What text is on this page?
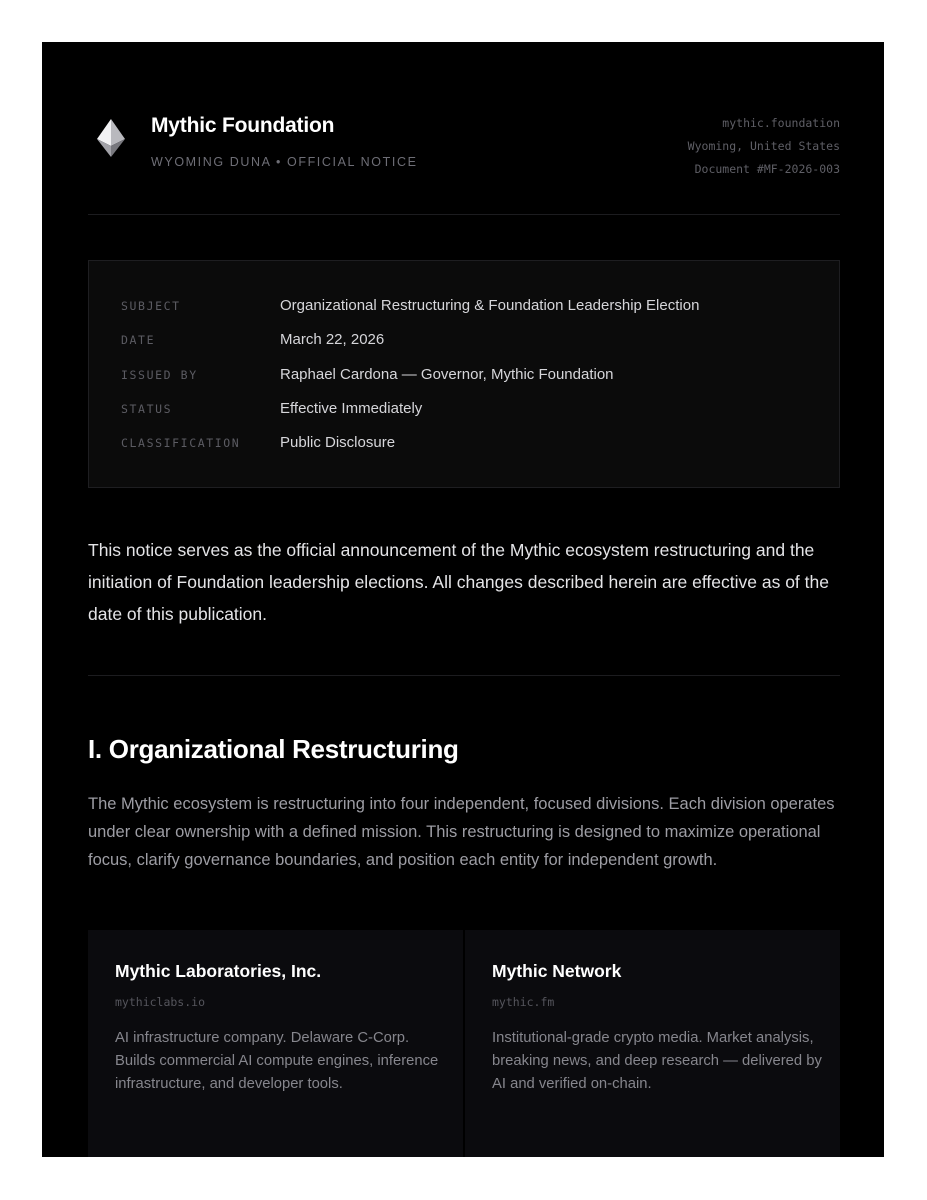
Mythic Foundation
WYOMING DUNA • OFFICIAL NOTICE
mythic.foundation
Wyoming, United States
Document #MF-2026-003
SUBJECT	Organizational Restructuring & Foundation Leadership Election
DATE	March 22, 2026
ISSUED BY	Raphael Cardona — Governor, Mythic Foundation
STATUS	Effective Immediately
CLASSIFICATION	Public Disclosure

This notice serves as the official announcement of the Mythic ecosystem restructuring and the initiation of Foundation leadership elections. All changes described herein are effective as of the date of this publication.

I. Organizational Restructuring

The Mythic ecosystem is restructuring into four independent, focused divisions. Each division operates under clear ownership with a defined mission. This restructuring is designed to maximize operational focus, clarify governance boundaries, and position each entity for independent growth.

Mythic Laboratories, Inc.
mythiclabs.io
AI infrastructure company. Delaware C-Corp. Builds commercial AI compute engines, inference infrastructure, and developer tools.
Mythic Network
mythic.fm
Institutional-grade crypto media. Market analysis, breaking news, and deep research — delivered by AI and verified on-chain.
